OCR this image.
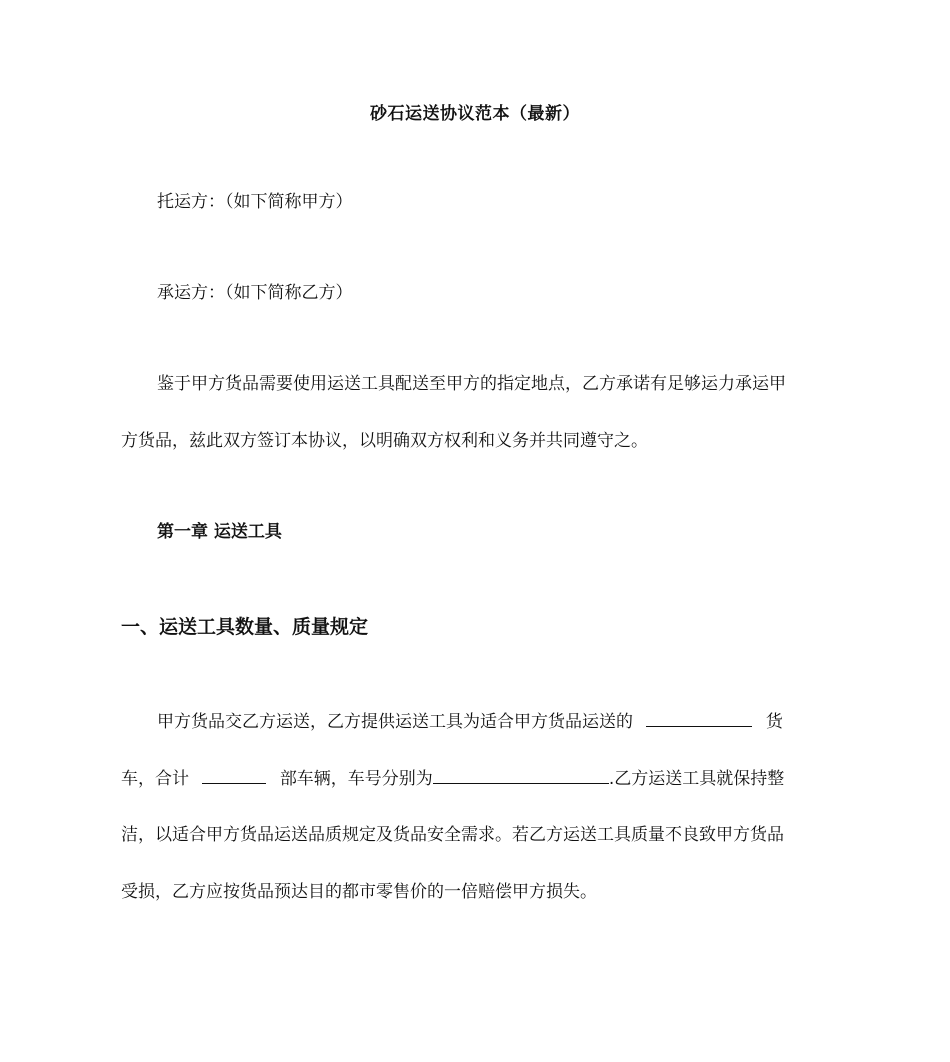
砂石运送协议范本（最新）
托运方：（如下简称甲方）
承运方：（如下简称乙方）
鉴于甲方货品需要使用运送工具配送至甲方的指定地点，乙方承诺有足够运力承运甲
方货品，兹此双方签订本协议，以明确双方权利和义务并共同遵守之。
第一章 运送工具
一、运送工具数量、质量规定
甲方货品交乙方运送，乙方提供运送工具为适合甲方货品运送的	货
车，合计	部车辆，车号分别为	.乙方运送工具就保持整
洁，以适合甲方货品运送品质规定及货品安全需求。若乙方运送工具质量不良致甲方货品
受损，乙方应按货品预达目的都市零售价的一倍赔偿甲方损失。
